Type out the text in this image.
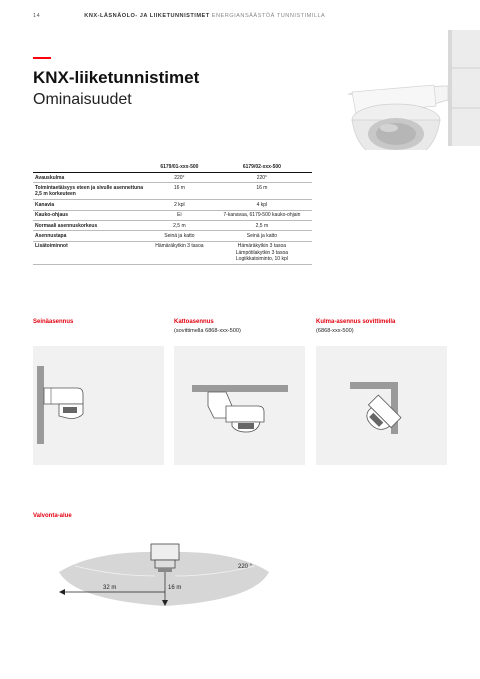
14	KNX-LÄSNÄOLO- JA LIIKETUNNISTIMET ENERGIANSÄÄSTÖÄ TUNNISTIMILLA
KNX-liiketunnistimet
Ominaisuudet
	6179/01-xxx-500	6179/02-xxx-500
Avauskulma	220°	220°
Toimintaetäisyys eteen ja sivulle asennettuna 2,5 m korkeuteen	16 m	16 m
Kanavia	2 kpl	4 kpl
Kauko-ohjaus	Ei	7-kanavaa, 6179-500 kauko-ohjain
Normaali asennuskorkeus	2,5 m	2,5 m
Asennustapa	Seinä ja katto	Seinä ja katto
Lisätoiminnot	Hämäräkytkin 3 tasoa	Hämäräkytkin 3 tasoa
Lämpötilakytkin 3 tasoa
Logiikkatoiminto, 10 kpl
Seinäasennus	Kattoasennus
(sovittimella 6868-xxx-500)
Kulma-asennus sovittimella
(6868-xxx-500)
Valvonta-alue
220 °
32 m	16 m
